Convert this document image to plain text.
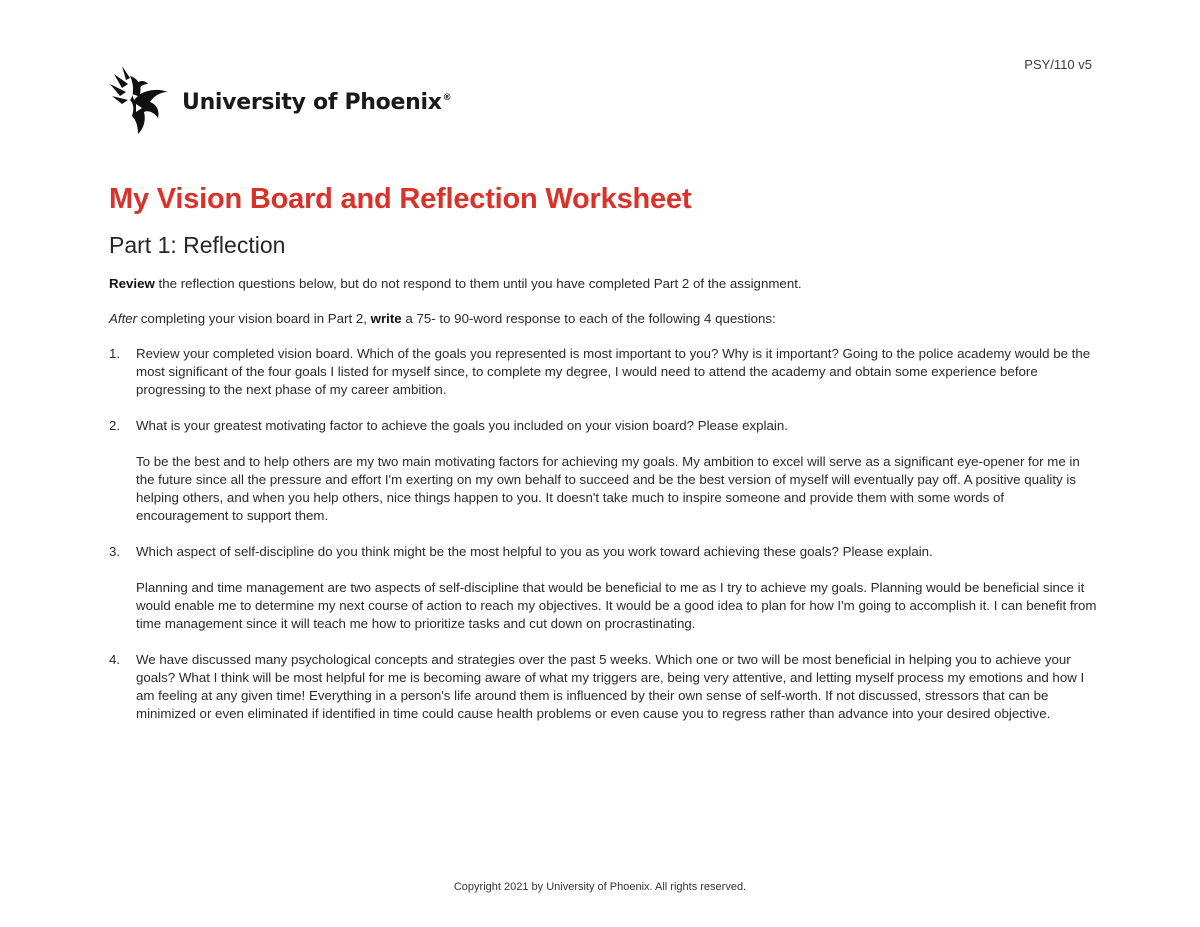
PSY/110 v5
University of Phoenix®
My Vision Board and Reflection Worksheet
Part 1: Reflection

Review the reflection questions below, but do not respond to them until you have completed Part 2 of the assignment.

After completing your vision board in Part 2, write a 75- to 90-word response to each of the following 4 questions:

1. Review your completed vision board. Which of the goals you represented is most important to you? Why is it important? Going to the police academy would be the most significant of the four goals I listed for myself since, to complete my degree, I would need to attend the academy and obtain some experience before progressing to the next phase of my career ambition.

2. What is your greatest motivating factor to achieve the goals you included on your vision board? Please explain.

To be the best and to help others are my two main motivating factors for achieving my goals. My ambition to excel will serve as a significant eye-opener for me in the future since all the pressure and effort I'm exerting on my own behalf to succeed and be the best version of myself will eventually pay off. A positive quality is helping others, and when you help others, nice things happen to you. It doesn't take much to inspire someone and provide them with some words of encouragement to support them.

3. Which aspect of self-discipline do you think might be the most helpful to you as you work toward achieving these goals? Please explain.

Planning and time management are two aspects of self-discipline that would be beneficial to me as I try to achieve my goals. Planning would be beneficial since it would enable me to determine my next course of action to reach my objectives. It would be a good idea to plan for how I'm going to accomplish it. I can benefit from time management since it will teach me how to prioritize tasks and cut down on procrastinating.

4. We have discussed many psychological concepts and strategies over the past 5 weeks. Which one or two will be most beneficial in helping you to achieve your goals? What I think will be most helpful for me is becoming aware of what my triggers are, being very attentive, and letting myself process my emotions and how I am feeling at any given time! Everything in a person's life around them is influenced by their own sense of self-worth. If not discussed, stressors that can be minimized or even eliminated if identified in time could cause health problems or even cause you to regress rather than advance into your desired objective.

Copyright 2021 by University of Phoenix. All rights reserved.
